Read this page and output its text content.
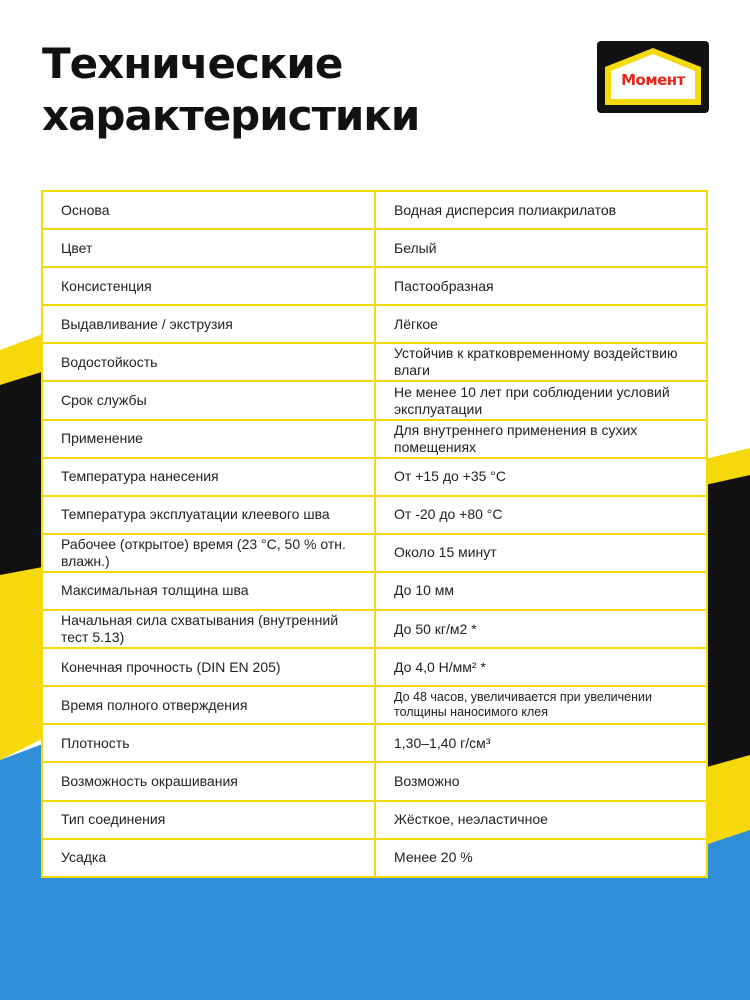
Технические
характеристики
Момент
Основа	Водная дисперсия полиакрилатов
Цвет	Белый
Консистенция	Пастообразная
Выдавливание / экструзия	Лёгкое
Водостойкость	Устойчив к кратковременному воздействию влаги
Срок службы	Не менее 10 лет при соблюдении условий эксплуатации
Применение	Для внутреннего применения в сухих помещениях
Температура нанесения	От +15 до +35 °С
Температура эксплуатации клеевого шва	От -20 до +80 °С
Рабочее (открытое) время (23 °С, 50 % отн. влажн.)	Около 15 минут
Максимальная толщина шва	До 10 мм
Начальная сила схватывания (внутренний тест 5.13)	До 50 кг/м2 *
Конечная прочность (DIN EN 205)	До 4,0 Н/мм² *
Время полного отверждения	До 48 часов, увеличивается при увеличении толщины наносимого клея
Плотность	1,30–1,40 г/см³
Возможность окрашивания	Возможно
Тип соединения	Жёсткое, неэластичное
Усадка	Менее 20 %
